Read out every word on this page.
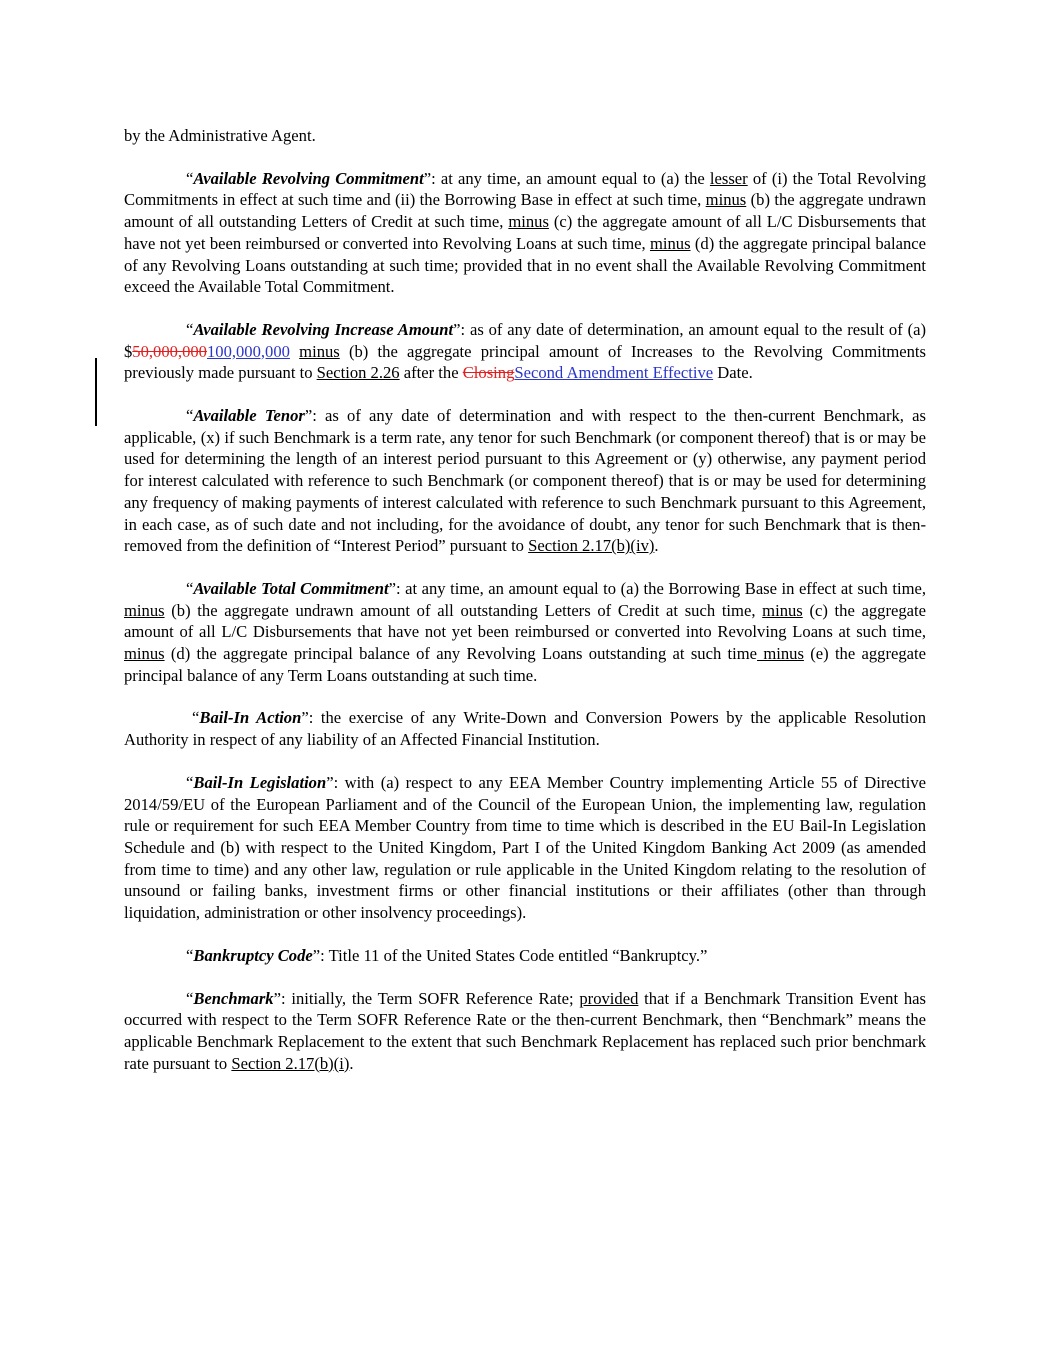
by the Administrative Agent.

“Available Revolving Commitment”: at any time, an amount equal to (a) the lesser of (i) the Total Revolving Commitments in effect at such time and (ii) the Borrowing Base in effect at such time, minus (b) the aggregate undrawn amount of all outstanding Letters of Credit at such time, minus (c) the aggregate amount of all L/C Disbursements that have not yet been reimbursed or converted into Revolving Loans at such time, minus (d) the aggregate principal balance of any Revolving Loans outstanding at such time; provided that in no event shall the Available Revolving Commitment exceed the Available Total Commitment.

“Available Revolving Increase Amount”: as of any date of determination, an amount equal to the result of (a) $50,000,000100,000,000 minus (b) the aggregate principal amount of Increases to the Revolving Commitments previously made pursuant to Section 2.26 after the ClosingSecond Amendment Effective Date.

“Available Tenor”: as of any date of determination and with respect to the then-current Benchmark, as applicable, (x) if such Benchmark is a term rate, any tenor for such Benchmark (or component thereof) that is or may be used for determining the length of an interest period pursuant to this Agreement or (y) otherwise, any payment period for interest calculated with reference to such Benchmark (or component thereof) that is or may be used for determining any frequency of making payments of interest calculated with reference to such Benchmark pursuant to this Agreement, in each case, as of such date and not including, for the avoidance of doubt, any tenor for such Benchmark that is then-removed from the definition of “Interest Period” pursuant to Section 2.17(b)(iv).

“Available Total Commitment”: at any time, an amount equal to (a) the Borrowing Base in effect at such time, minus (b) the aggregate undrawn amount of all outstanding Letters of Credit at such time, minus (c) the aggregate amount of all L/C Disbursements that have not yet been reimbursed or converted into Revolving Loans at such time, minus (d) the aggregate principal balance of any Revolving Loans outstanding at such time minus (e) the aggregate principal balance of any Term Loans outstanding at such time.

“Bail-In Action”: the exercise of any Write-Down and Conversion Powers by the applicable Resolution Authority in respect of any liability of an Affected Financial Institution.

“Bail-In Legislation”: with (a) respect to any EEA Member Country implementing Article 55 of Directive 2014/59/EU of the European Parliament and of the Council of the European Union, the implementing law, regulation rule or requirement for such EEA Member Country from time to time which is described in the EU Bail-In Legislation Schedule and (b) with respect to the United Kingdom, Part I of the United Kingdom Banking Act 2009 (as amended from time to time) and any other law, regulation or rule applicable in the United Kingdom relating to the resolution of unsound or failing banks, investment firms or other financial institutions or their affiliates (other than through liquidation, administration or other insolvency proceedings).

“Bankruptcy Code”: Title 11 of the United States Code entitled “Bankruptcy.”

“Benchmark”: initially, the Term SOFR Reference Rate; provided that if a Benchmark Transition Event has occurred with respect to the Term SOFR Reference Rate or the then-current Benchmark, then “Benchmark” means the applicable Benchmark Replacement to the extent that such Benchmark Replacement has replaced such prior benchmark rate pursuant to Section 2.17(b)(i).
